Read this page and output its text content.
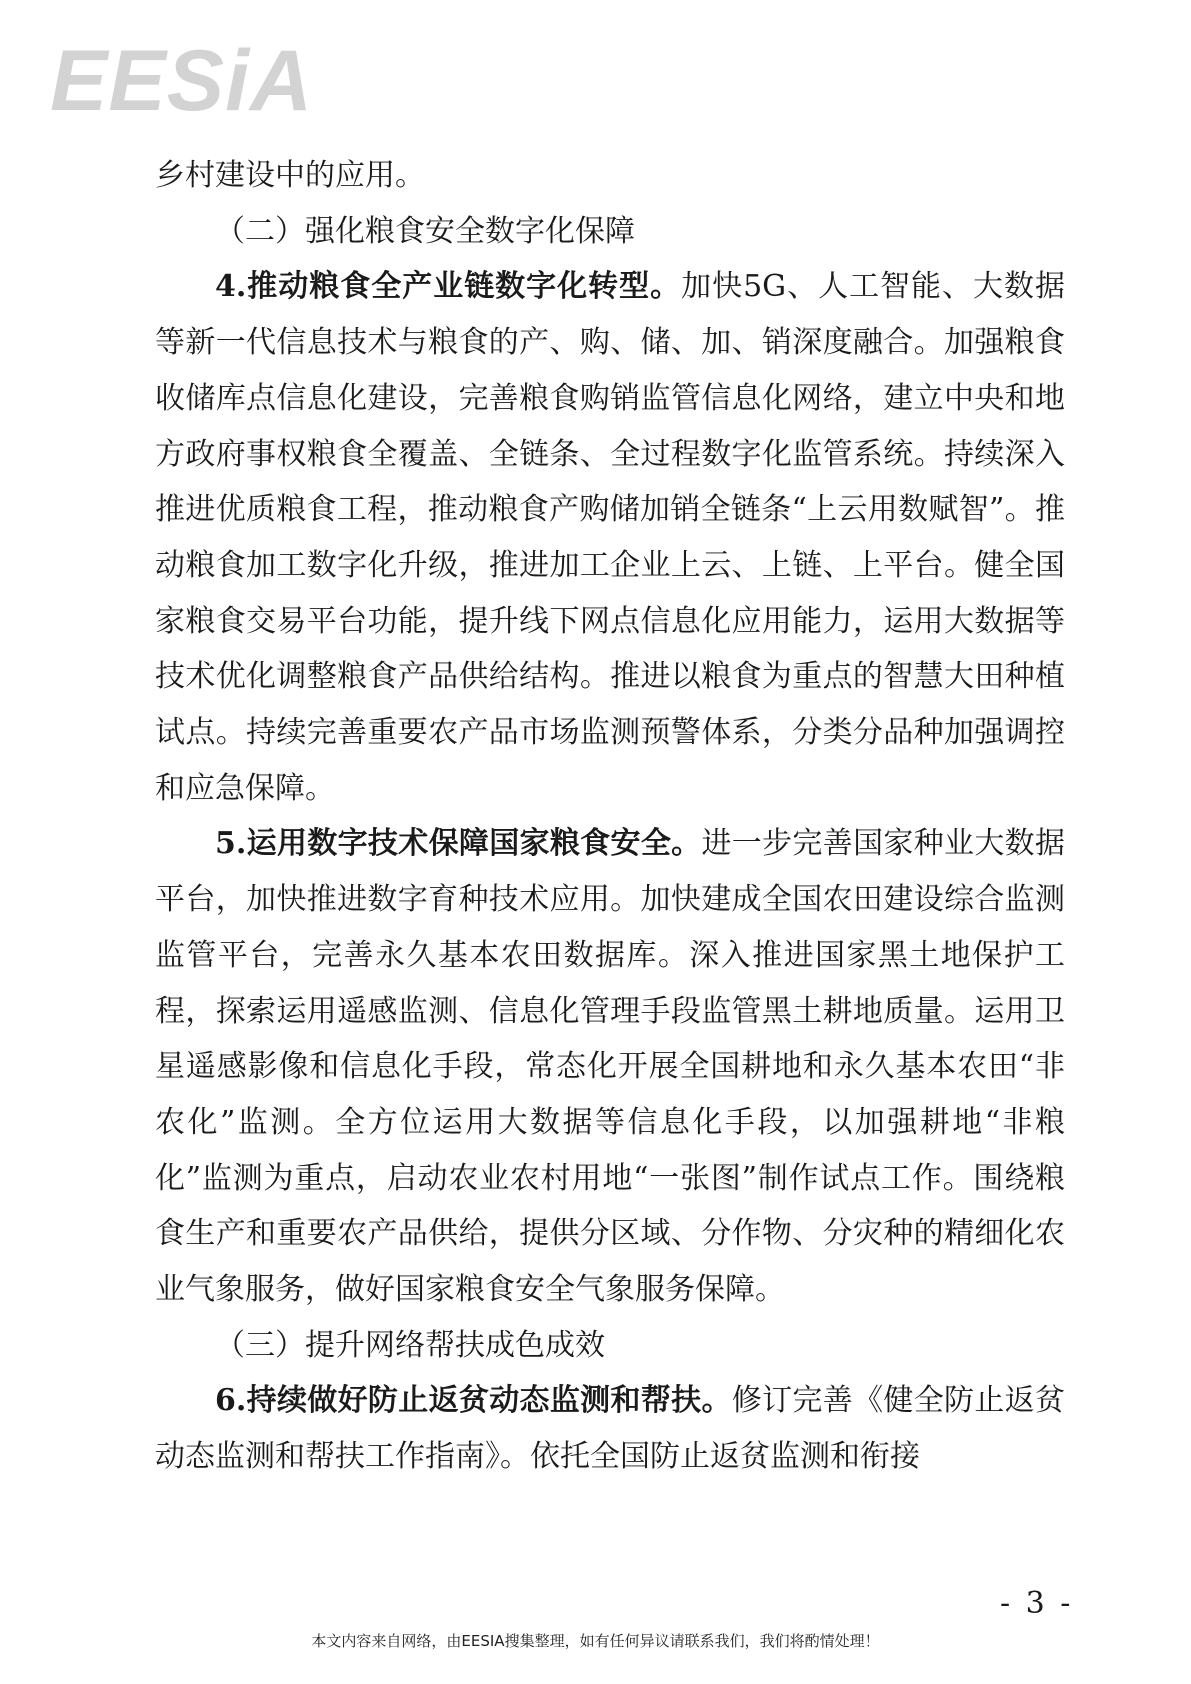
EESiA

乡村建设中的应用。

（二）强化粮食安全数字化保障

4.推动粮食全产业链数字化转型。加快5G、人工智能、大数据等新一代信息技术与粮食的产、购、储、加、销深度融合。加强粮食收储库点信息化建设，完善粮食购销监管信息化网络，建立中央和地方政府事权粮食全覆盖、全链条、全过程数字化监管系统。持续深入推进优质粮食工程，推动粮食产购储加销全链条“上云用数赋智”。推动粮食加工数字化升级，推进加工企业上云、上链、上平台。健全国家粮食交易平台功能，提升线下网点信息化应用能力，运用大数据等技术优化调整粮食产品供给结构。推进以粮食为重点的智慧大田种植试点。持续完善重要农产品市场监测预警体系，分类分品种加强调控和应急保障。

5.运用数字技术保障国家粮食安全。进一步完善国家种业大数据平台，加快推进数字育种技术应用。加快建成全国农田建设综合监测监管平台，完善永久基本农田数据库。深入推进国家黑土地保护工程，探索运用遥感监测、信息化管理手段监管黑土耕地质量。运用卫星遥感影像和信息化手段，常态化开展全国耕地和永久基本农田“非农化”监测。全方位运用大数据等信息化手段，以加强耕地“非粮化”监测为重点，启动农业农村用地“一张图”制作试点工作。围绕粮食生产和重要农产品供给，提供分区域、分作物、分灾种的精细化农业气象服务，做好国家粮食安全气象服务保障。

（三）提升网络帮扶成色成效

6.持续做好防止返贫动态监测和帮扶。修订完善《健全防止返贫动态监测和帮扶工作指南》。依托全国防止返贫监测和衔接

- 3 -
本文内容来自网络，由EESIA搜集整理，如有任何异议请联系我们，我们将酌情处理！
